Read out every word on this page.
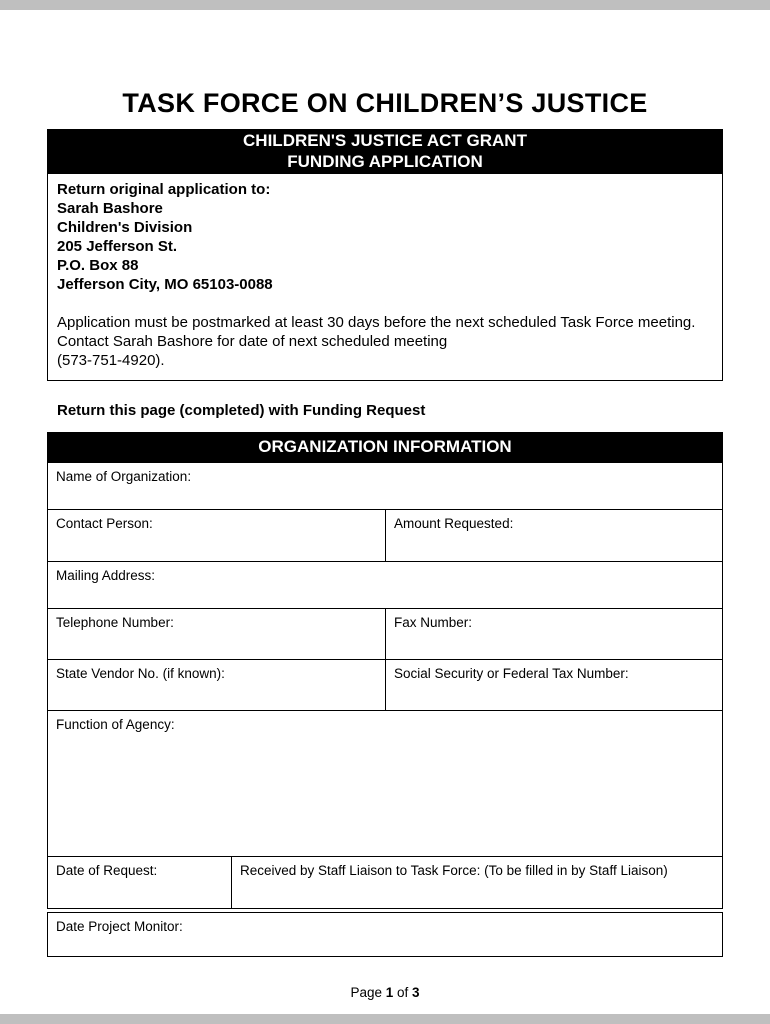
TASK FORCE ON CHILDREN’S JUSTICE
CHILDREN'S JUSTICE ACT GRANT
FUNDING APPLICATION
Return original application to:
Sarah Bashore
Children's Division
205 Jefferson St.
P.O. Box 88
Jefferson City, MO 65103-0088
Application must be postmarked at least 30 days before the next scheduled Task Force meeting.
Contact Sarah Bashore for date of next scheduled meeting
(573-751-4920).
Return this page (completed) with Funding Request
ORGANIZATION INFORMATION
Name of Organization:
Contact Person:	Amount Requested:
Mailing Address:
Telephone Number:	Fax Number:
State Vendor No. (if known):	Social Security or Federal Tax Number:
Function of Agency:
Date of Request:	Received by Staff Liaison to Task Force: (To be filled in by Staff Liaison)
Date Project Monitor:
Page 1 of 3
